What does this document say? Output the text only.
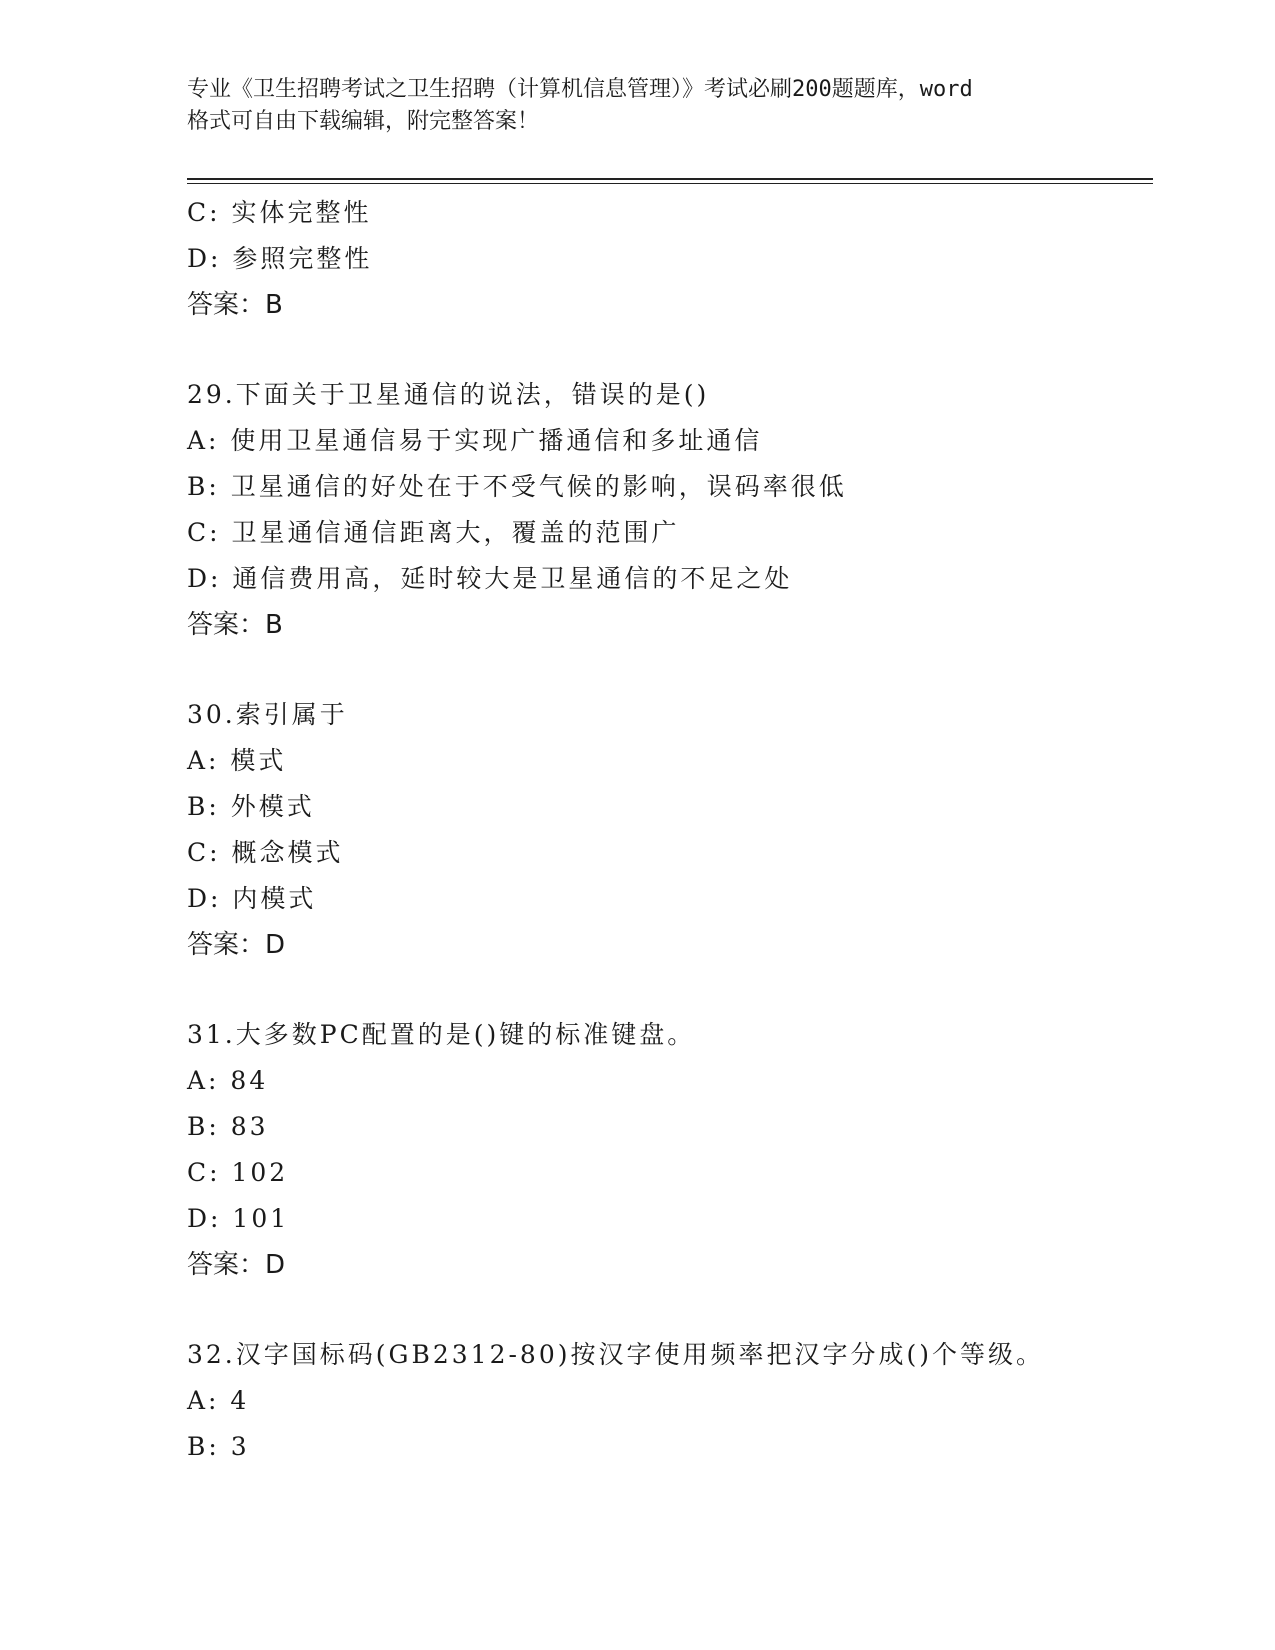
专业《卫生招聘考试之卫生招聘（计算机信息管理）》考试必刷200题题库，word
格式可自由下载编辑，附完整答案！
C: 实体完整性
D: 参照完整性
答案：B
29.下面关于卫星通信的说法，错误的是()
A: 使用卫星通信易于实现广播通信和多址通信
B: 卫星通信的好处在于不受气候的影响，误码率很低
C: 卫星通信通信距离大，覆盖的范围广
D: 通信费用高，延时较大是卫星通信的不足之处
答案：B
30.索引属于
A: 模式
B: 外模式
C: 概念模式
D: 内模式
答案：D
31.大多数PC配置的是()键的标准键盘。
A: 84
B: 83
C: 102
D: 101
答案：D
32.汉字国标码(GB2312-80)按汉字使用频率把汉字分成()个等级。
A: 4
B: 3
